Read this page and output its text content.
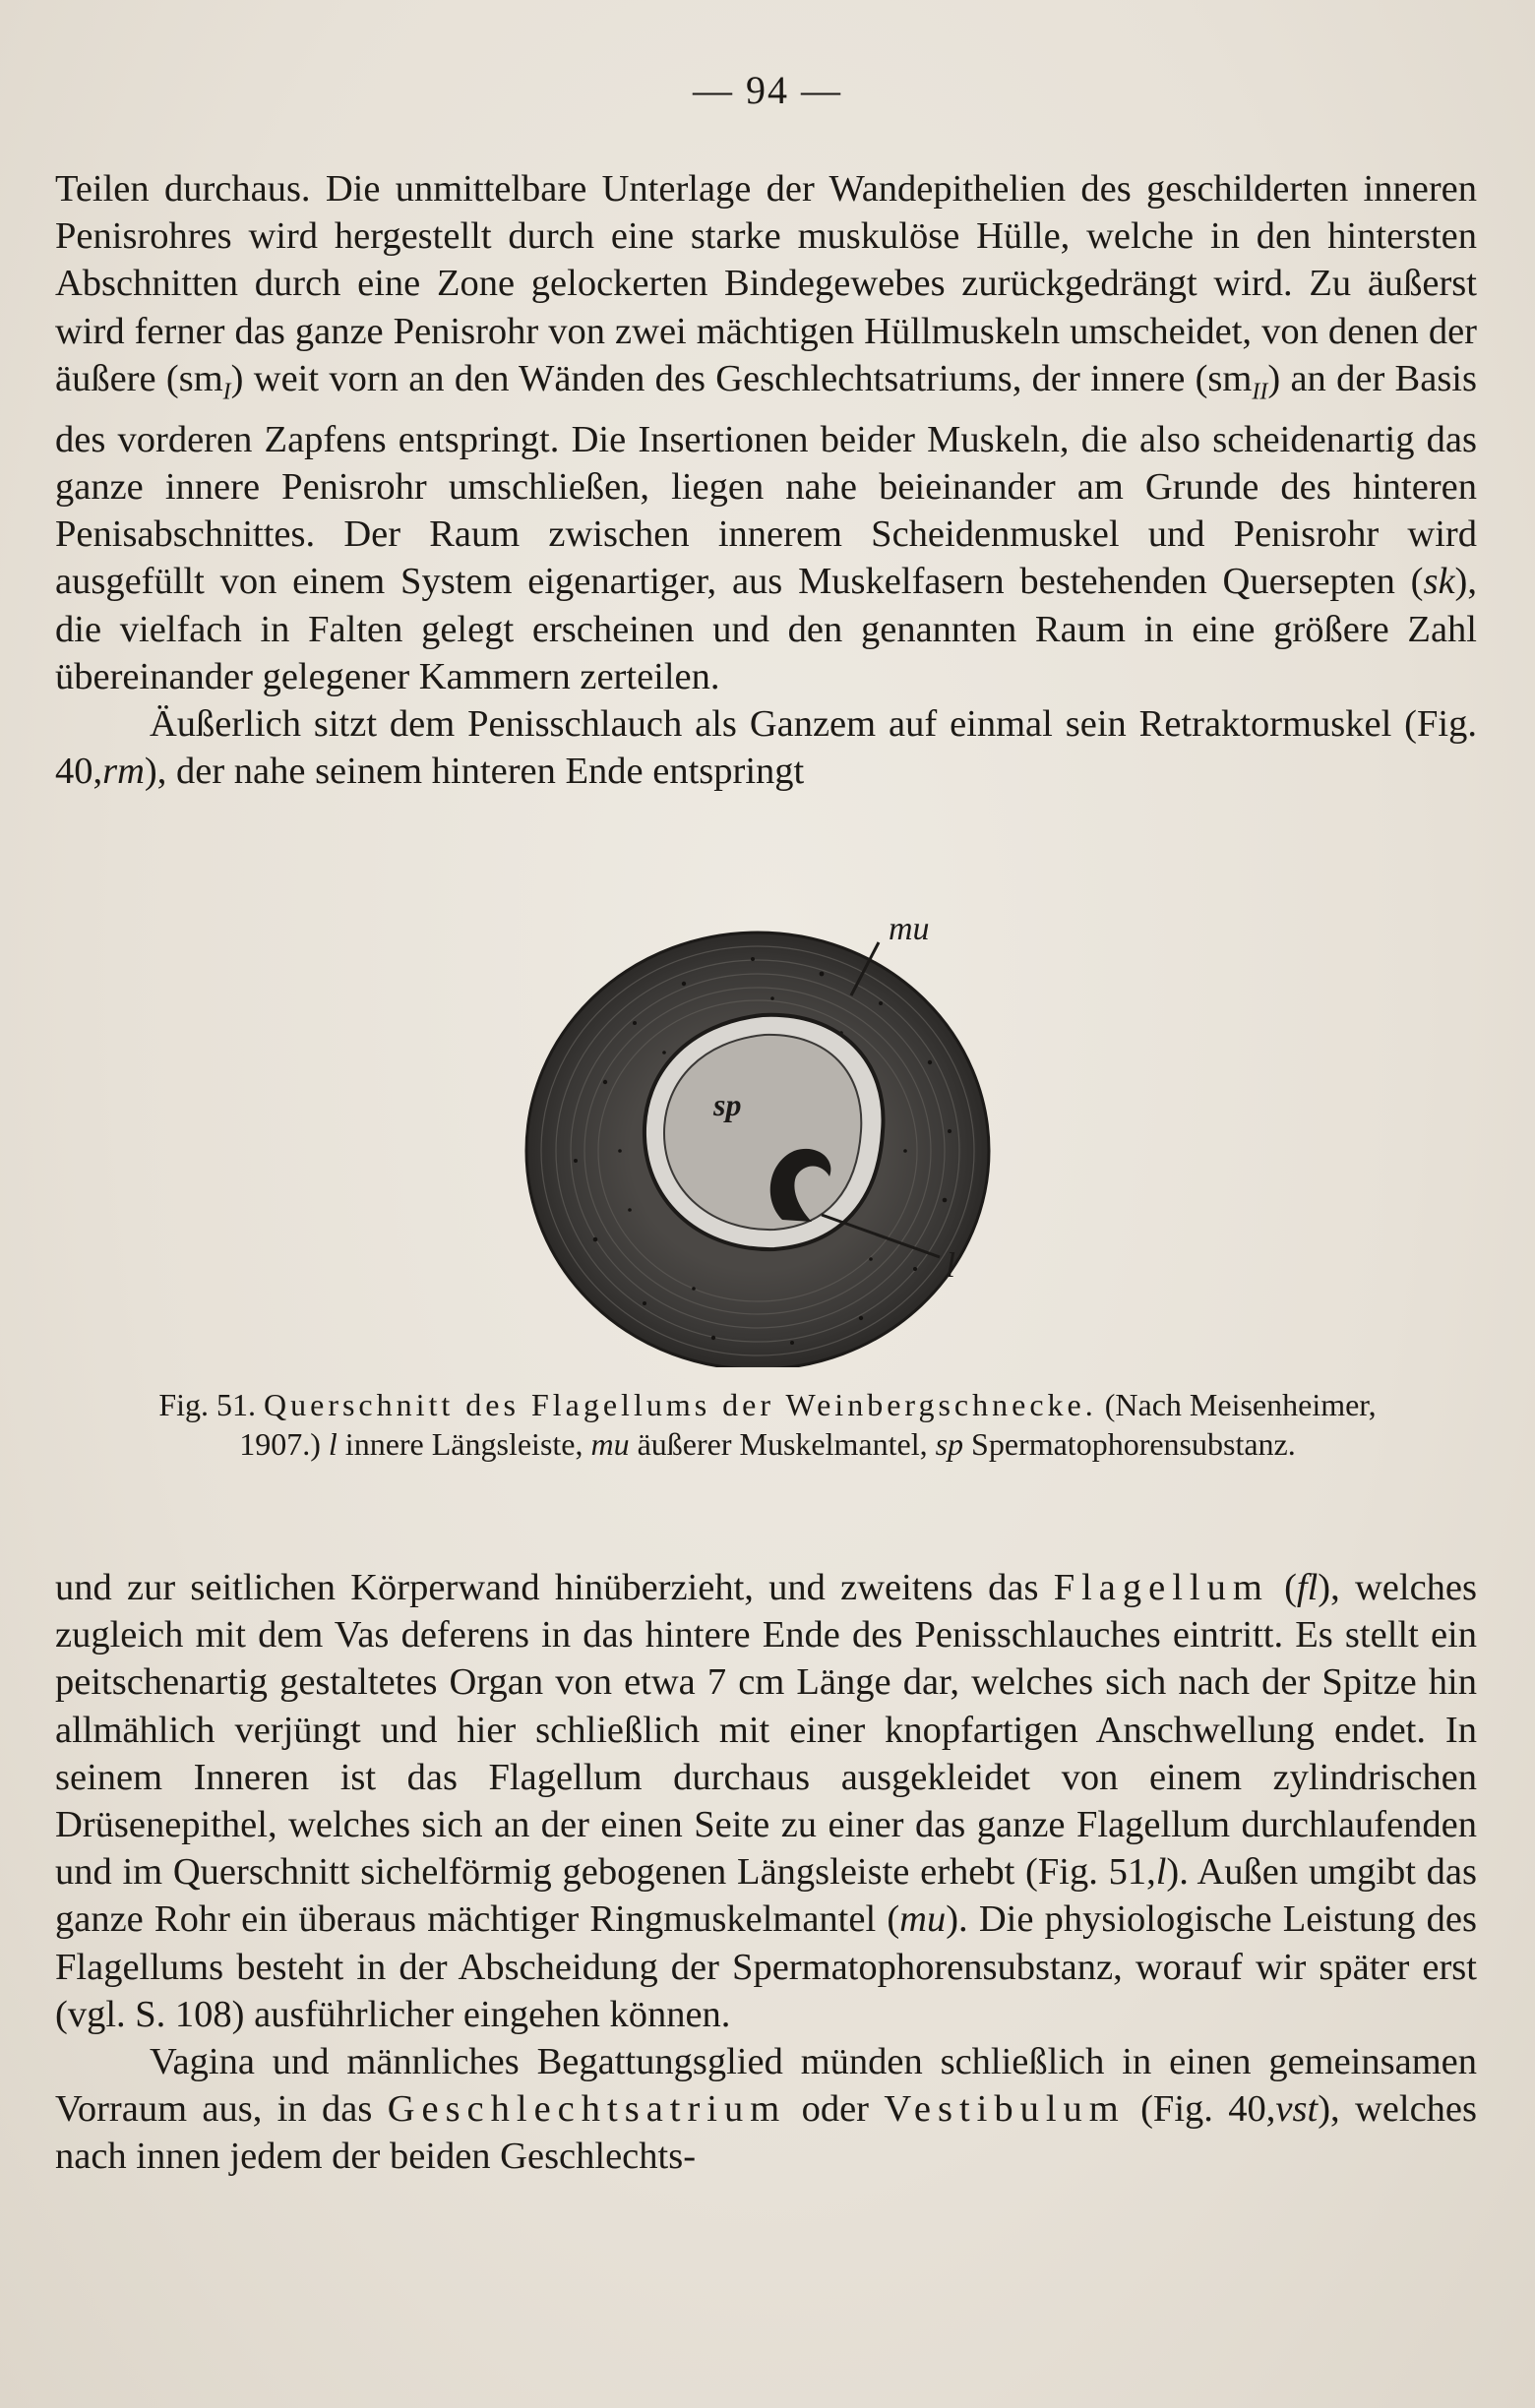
— 94 —

Teilen durchaus. Die unmittelbare Unterlage der Wandepithelien des geschilderten inneren Penisrohres wird hergestellt durch eine starke muskulöse Hülle, welche in den hintersten Abschnitten durch eine Zone gelockerten Bindegewebes zurückgedrängt wird. Zu äußerst wird ferner das ganze Penisrohr von zwei mächtigen Hüllmuskeln umscheidet, von denen der äußere $(sm_I)$ weit vorn an den Wänden des Geschlechtsatriums, der innere $(sm_{II})$ an der Basis des vorderen Zapfens entspringt. Die Insertionen beider Muskeln, die also scheidenartig das ganze innere Penisrohr umschließen, liegen nahe beieinander am Grunde des hinteren Penisabschnittes. Der Raum zwischen innerem Scheidenmuskel und Penisrohr wird ausgefüllt von einem System eigenartiger, aus Muskelfasern bestehenden Quersepten (sk), die vielfach in Falten gelegt erscheinen und den genannten Raum in eine größere Zahl übereinander gelegener Kammern zerteilen.

Äußerlich sitzt dem Penisschlauch als Ganzem auf einmal sein Retraktormuskel (Fig. 40,rm), der nahe seinem hinteren Ende entspringt

mu
sp
l
Fig. 51. Querschnitt des Flagellums der Weinbergschnecke. (Nach Meisenheimer, 1907.) l innere Längsleiste, mu äußerer Muskelmantel, sp Spermatophorensubstanz.

und zur seitlichen Körperwand hinüberzieht, und zweitens das Flagellum (fl), welches zugleich mit dem Vas deferens in das hintere Ende des Penisschlauches eintritt. Es stellt ein peitschenartig gestaltetes Organ von etwa 7 cm Länge dar, welches sich nach der Spitze hin allmählich verjüngt und hier schließlich mit einer knopfartigen Anschwellung endet. In seinem Inneren ist das Flagellum durchaus ausgekleidet von einem zylindrischen Drüsenepithel, welches sich an der einen Seite zu einer das ganze Flagellum durchlaufenden und im Querschnitt sichelförmig gebogenen Längsleiste erhebt (Fig. 51,l). Außen umgibt das ganze Rohr ein überaus mächtiger Ringmuskelmantel (mu). Die physiologische Leistung des Flagellums besteht in der Abscheidung der Spermatophorensubstanz, worauf wir später erst (vgl. S. 108) ausführlicher eingehen können.

Vagina und männliches Begattungsglied münden schließlich in einen gemeinsamen Vorraum aus, in das Geschlechtsatrium oder Vestibulum (Fig. 40,vst), welches nach innen jedem der beiden Geschlechts-
